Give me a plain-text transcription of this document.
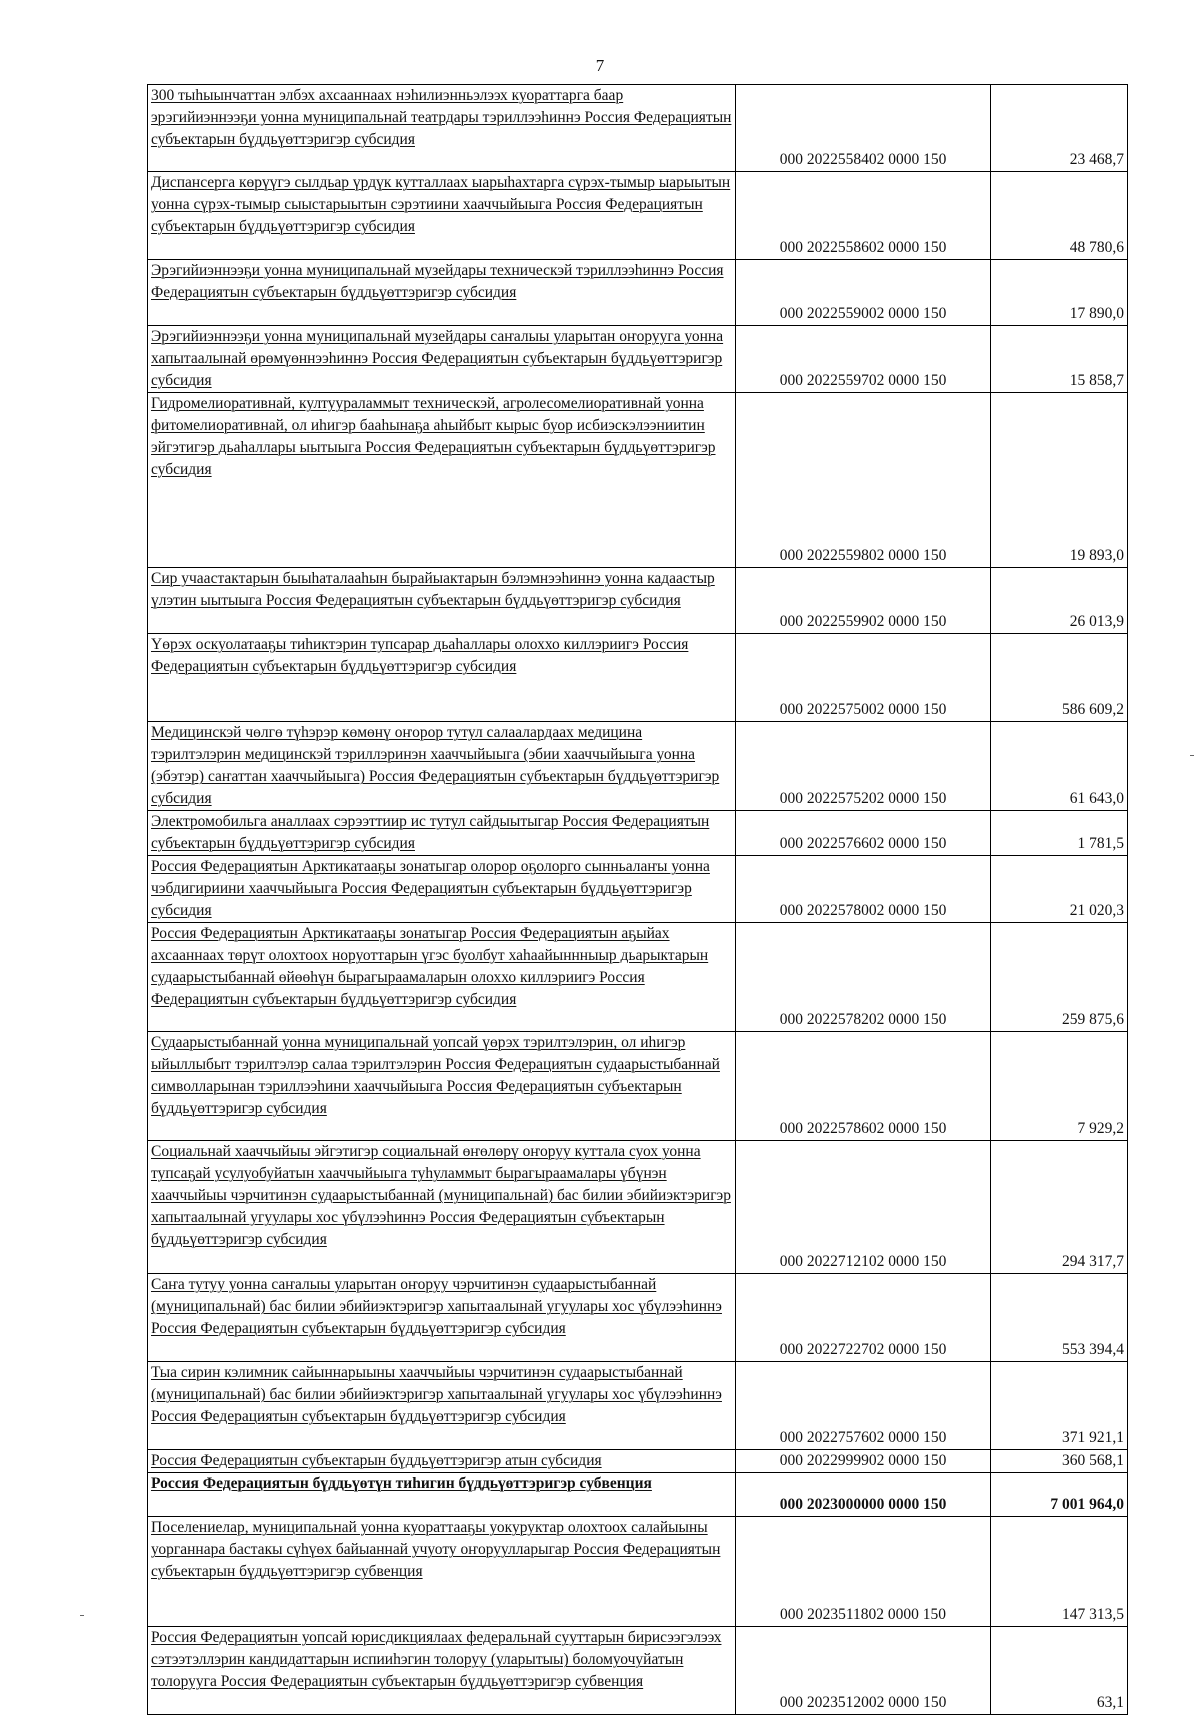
7
300 тыһыынчаттан элбэх ахсааннаах нэһилиэнньэлээх куораттарга баар эрэгийиэннээҕи уонна муниципальнай театрдары тэриллээһиннэ Россия Федерациятын субъектарын бүддьүөттэригэр субсидия	000 2022558402 0000 150	23 468,7
Диспансерга көрүүгэ сылдьар үрдүк кутталлаах ыарыһахтарга сүрэх-тымыр ыарыытын уонна сүрэх-тымыр сыыстарыытын сэрэтиини хааччыйыыга Россия Федерациятын субъектарын бүддьүөттэригэр субсидия	000 2022558602 0000 150	48 780,6
Эрэгийиэннээҕи уонна муниципальнай музейдары техническэй тэриллээһиннэ Россия Федерациятын субъектарын бүддьүөттэригэр субсидия	000 2022559002 0000 150	17 890,0
Эрэгийиэннээҕи уонна муниципальнай музейдары саҥалыы уларытан оҥорууга уонна хапытаалынай өрөмүөннээһиннэ Россия Федерациятын субъектарын бүддьүөттэригэр субсидия	000 2022559702 0000 150	15 858,7
Гидромелиоративнай, култуураламмыт техническэй, агролесомелиоративнай уонна фитомелиоративнай, ол иһигэр бааһынаҕа аһыйбыт кырыс буор исбиэскэлээниитин эйгэтигэр дьаһаллары ыытыыга Россия Федерациятын субъектарын бүддьүөттэригэр субсидия	000 2022559802 0000 150	19 893,0
Сир учаастактарын быыһаталааһын бырайыактарын бэлэмнээһиннэ уонна кадаастыр үлэтин ыытыыга Россия Федерациятын субъектарын бүддьүөттэригэр субсидия	000 2022559902 0000 150	26 013,9
Үөрэх оскуолатааҕы тиһиктэрин тупсарар дьаһаллары олоххо киллэриигэ Россия Федерациятын субъектарын бүддьүөттэригэр субсидия	000 2022575002 0000 150	586 609,2
Медицинскэй чөлгө түһэрэр көмөнү оҥорор тутул салаалардаах медицина тэрилтэлэрин медицинскэй тэриллэринэн хааччыйыыга (эбии хааччыйыыга уонна (эбэтэр) саҥаттан хааччыйыыга) Россия Федерациятын субъектарын бүддьүөттэригэр субсидия	000 2022575202 0000 150	61 643,0
Электромобильга аналлаах сэрээттиир ис тутул сайдыытыгар Россия Федерациятын субъектарын бүддьүөттэригэр субсидия	000 2022576602 0000 150	1 781,5
Россия Федерациятын Арктикатааҕы зонатыгар олорор оҕолорго сынньалаҥы уонна чэбдигириини хааччыйыыга Россия Федерациятын субъектарын бүддьүөттэригэр субсидия	000 2022578002 0000 150	21 020,3
Россия Федерациятын Арктикатааҕы зонатыгар Россия Федерациятын аҕыйах ахсааннаах төрүт олохтоох норуоттарын үгэс буолбут хаһаайыннныыр дьарыктарын судаарыстыбаннай өйөөһүн бырагыраамаларын олоххо киллэриигэ Россия Федерациятын субъектарын бүддьүөттэригэр субсидия	000 2022578202 0000 150	259 875,6
Судаарыстыбаннай уонна муниципальнай уопсай үөрэх тэрилтэлэрин, ол иһигэр ыйыллыбыт тэрилтэлэр салаа тэрилтэлэрин Россия Федерациятын судаарыстыбаннай символларынан тэриллээһини хааччыйыыга Россия Федерациятын субъектарын бүддьүөттэригэр субсидия	000 2022578602 0000 150	7 929,2
Социальнай хааччыйыы эйгэтигэр социальнай өҥөлөрү оҥоруу куттала суох уонна тупсаҕай усулуобуйатын хааччыйыыга туһуламмыт бырагыраамалары үбүнэн хааччыйыы чэрчитинэн судаарыстыбаннай (муниципальнай) бас билии эбийиэктэригэр хапытаалынай угуулары хос үбүлээһиннэ Россия Федерациятын субъектарын бүддьүөттэригэр субсидия	000 2022712102 0000 150	294 317,7
Саҥа тутуу уонна саҥалыы уларытан оҥоруу чэрчитинэн судаарыстыбаннай (муниципальнай) бас билии эбийиэктэригэр хапытаалынай угуулары хос үбүлээһиннэ Россия Федерациятын субъектарын бүддьүөттэригэр субсидия	000 2022722702 0000 150	553 394,4
Тыа сирин кэлимник сайыннарыыны хааччыйыы чэрчитинэн судаарыстыбаннай (муниципальнай) бас билии эбийиэктэригэр хапытаалынай угуулары хос үбүлээһиннэ Россия Федерациятын субъектарын бүддьүөттэригэр субсидия	000 2022757602 0000 150	371 921,1
Россия Федерациятын субъектарын бүддьүөттэригэр атын субсидия	000 2022999902 0000 150	360 568,1
Россия Федерациятын бүддьүөтүн тиһигин бүддьүөттэригэр субвенция	000 2023000000 0000 150	7 001 964,0
Поселениелар, муниципальнай уонна куораттааҕы уокуруктар олохтоох салайыыны уорганнара бастакы сүһүөх байыаннай учуоту оҥоруулларыгар Россия Федерациятын субъектарын бүддьүөттэригэр субвенция	000 2023511802 0000 150	147 313,5
Россия Федерациятын уопсай юрисдикциялаах федеральнай сууттарын бирисээгэлээх сэтээтэллэрин кандидаттарын испииһэгин толоруу (уларытыы) боломуочуйатын толорууга Россия Федерациятын субъектарын бүддьүөттэригэр субвенция	000 2023512002 0000 150	63,1
